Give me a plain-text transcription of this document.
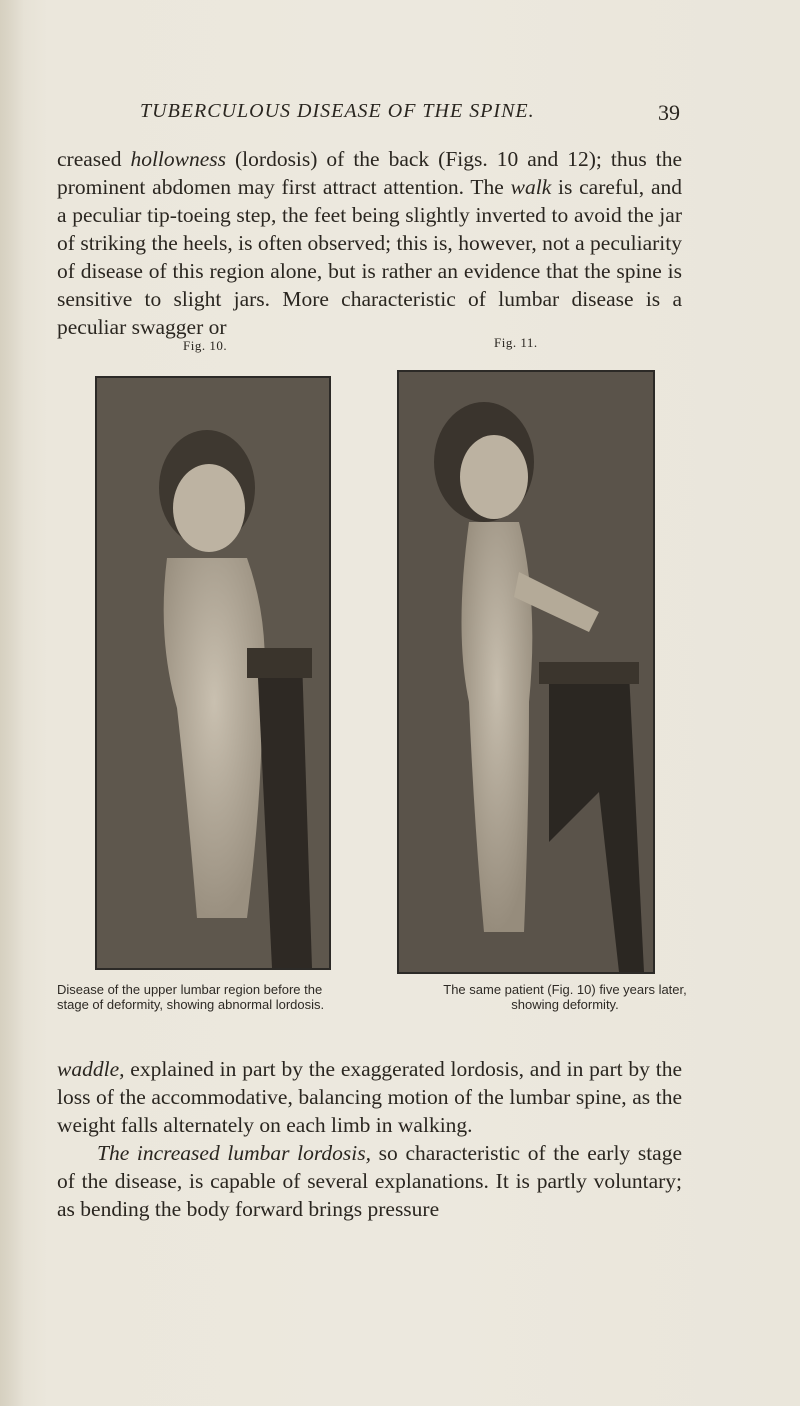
TUBERCULOUS DISEASE OF THE SPINE.	39
creased hollowness (lordosis) of the back (Figs. 10 and 12); thus the prominent abdomen may first attract attention. The walk is careful, and a peculiar tip-toeing step, the feet being slightly inverted to avoid the jar of striking the heels, is often observed; this is, however, not a peculiarity of disease of this region alone, but is rather an evidence that the spine is sensitive to slight jars. More characteristic of lumbar disease is a peculiar swagger or
Fig. 10.	Fig. 11.
Disease of the upper lumbar region before the stage of deformity, showing abnormal lordosis.
The same patient (Fig. 10) five years later, showing deformity.
waddle, explained in part by the exaggerated lordosis, and in part by the loss of the accommodative, balancing motion of the lumbar spine, as the weight falls alternately on each limb in walking.
The increased lumbar lordosis, so characteristic of the early stage of the disease, is capable of several explanations. It is partly voluntary; as bending the body forward brings pressure
